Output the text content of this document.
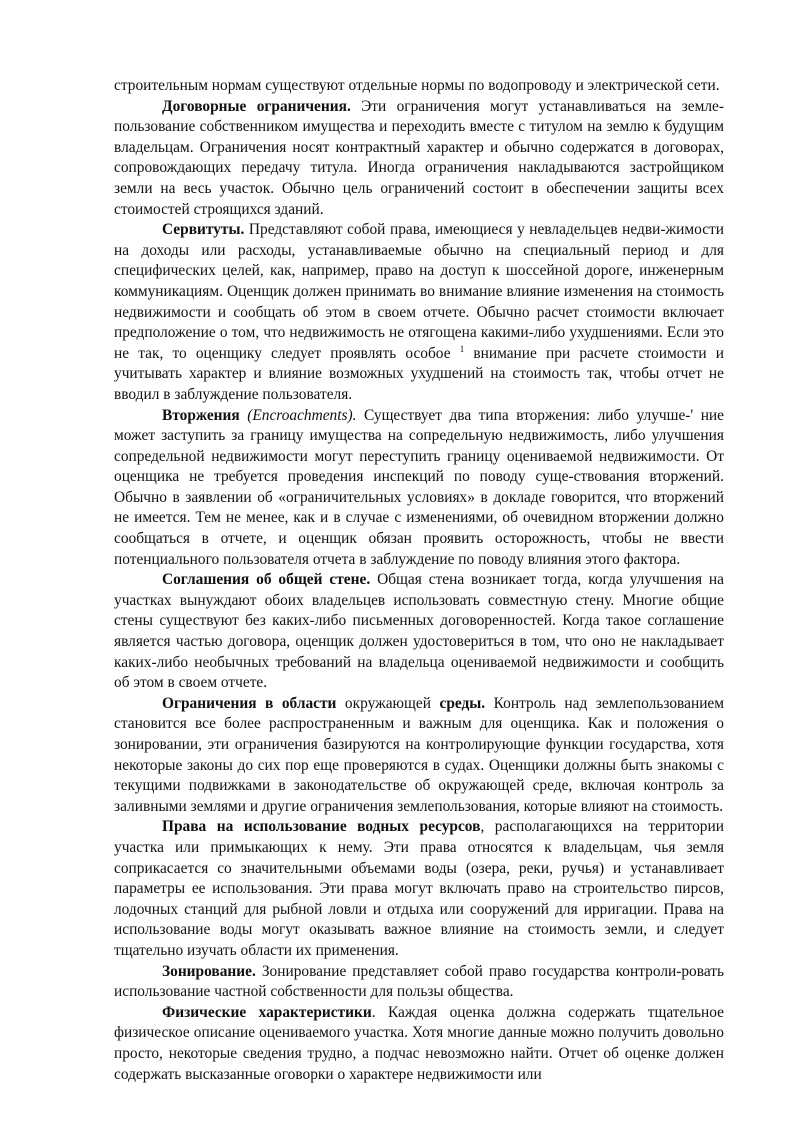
строительным нормам существуют отдельные нормы по водопроводу и электрической сети.

Договорные ограничения. Эти ограничения могут устанавливаться на земле-пользование собственником имущества и переходить вместе с титулом на землю к будущим владельцам. Ограничения носят контрактный характер и обычно содержатся в договорах, сопровождающих передачу титула. Иногда ограничения накладываются застройщиком земли на весь участок. Обычно цель ограничений состоит в обеспечении защиты всех стоимостей строящихся зданий.

Сервитуты. Представляют собой права, имеющиеся у невладельцев недви-жимости на доходы или расходы, устанавливаемые обычно на специальный период и для специфических целей, как, например, право на доступ к шоссейной дороге, инженерным коммуникациям. Оценщик должен принимать во внимание влияние изменения на стоимость недвижимости и сообщать об этом в своем отчете. Обычно расчет стоимости включает предположение о том, что недвижимость не отягощена какими-либо ухудшениями. Если это не так, то оценщику следует проявлять особое $^1$ внимание при расчете стоимости и учитывать характер и влияние возможных ухудшений на стоимость так, чтобы отчет не вводил в заблуждение пользователя.

Вторжения (Encroachments). Существует два типа вторжения: либо улучше-' ние может заступить за границу имущества на сопредельную недвижимость, либо улучшения сопредельной недвижимости могут переступить границу оцениваемой недвижимости. От оценщика не требуется проведения инспекций по поводу суще-ствования вторжений. Обычно в заявлении об «ограничительных условиях» в докладе говорится, что вторжений не имеется. Тем не менее, как и в случае с изменениями, об очевидном вторжении должно сообщаться в отчете, и оценщик обязан проявить осторожность, чтобы не ввести потенциального пользователя отчета в заблуждение по поводу влияния этого фактора.

Соглашения об общей стене. Общая стена возникает тогда, когда улучшения на участках вынуждают обоих владельцев использовать совместную стену. Многие общие стены существуют без каких-либо письменных договоренностей. Когда такое соглашение является частью договора, оценщик должен удостовериться в том, что оно не накладывает каких-либо необычных требований на владельца оцениваемой недвижимости и сообщить об этом в своем отчете.

Ограничения в области окружающей среды. Контроль над землепользованием становится все более распространенным и важным для оценщика. Как и положения о зонировании, эти ограничения базируются на контролирующие функции государства, хотя некоторые законы до сих пор еще проверяются в судах. Оценщики должны быть знакомы с текущими подвижками в законодательстве об окружающей среде, включая контроль за заливными землями и другие ограничения землепользования, которые влияют на стоимость.

Права на использование водных ресурсов, располагающихся на территории участка или примыкающих к нему. Эти права относятся к владельцам, чья земля соприкасается со значительными объемами воды (озера, реки, ручья) и устанавливает параметры ее использования. Эти права могут включать право на строительство пирсов, лодочных станций для рыбной ловли и отдыха или сооружений для ирригации. Права на использование воды могут оказывать важное влияние на стоимость земли, и следует тщательно изучать области их применения.

Зонирование. Зонирование представляет собой право государства контроли-ровать использование частной собственности для пользы общества.

Физические характеристики. Каждая оценка должна содержать тщательное физическое описание оцениваемого участка. Хотя многие данные можно получить довольно просто, некоторые сведения трудно, а подчас невозможно найти. Отчет об оценке должен содержать высказанные оговорки о характере недвижимости или
